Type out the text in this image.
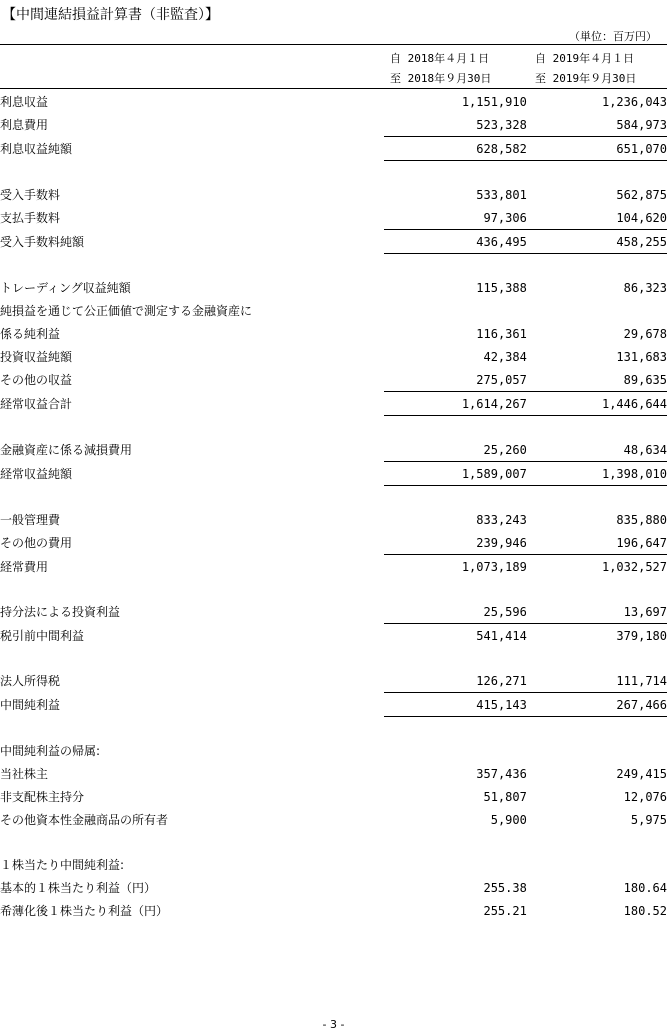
【中間連結損益計算書（非監査）】
（単位：百万円）
自 2018年４月１日
至 2018年９月30日
自 2019年４月１日
至 2019年９月30日
利息収益	1,151,910	1,236,043
利息費用	523,328	584,973
利息収益純額	628,582	651,070

受入手数料	533,801	562,875
支払手数料	97,306	104,620
受入手数料純額	436,495	458,255

トレーディング収益純額	115,388	86,323
純損益を通じて公正価値で測定する金融資産に		
係る純利益	116,361	29,678
投資収益純額	42,384	131,683
その他の収益	275,057	89,635
経常収益合計	1,614,267	1,446,644

金融資産に係る減損費用	25,260	48,634
経常収益純額	1,589,007	1,398,010

一般管理費	833,243	835,880
その他の費用	239,946	196,647
経常費用	1,073,189	1,032,527

持分法による投資利益	25,596	13,697
税引前中間利益	541,414	379,180

法人所得税	126,271	111,714
中間純利益	415,143	267,466

中間純利益の帰属:		
当社株主	357,436	249,415
非支配株主持分	51,807	12,076
その他資本性金融商品の所有者	5,900	5,975

１株当たり中間純利益:		
基本的１株当たり利益（円）	255.38	180.64
希薄化後１株当たり利益（円）	255.21	180.52
- 3 -
